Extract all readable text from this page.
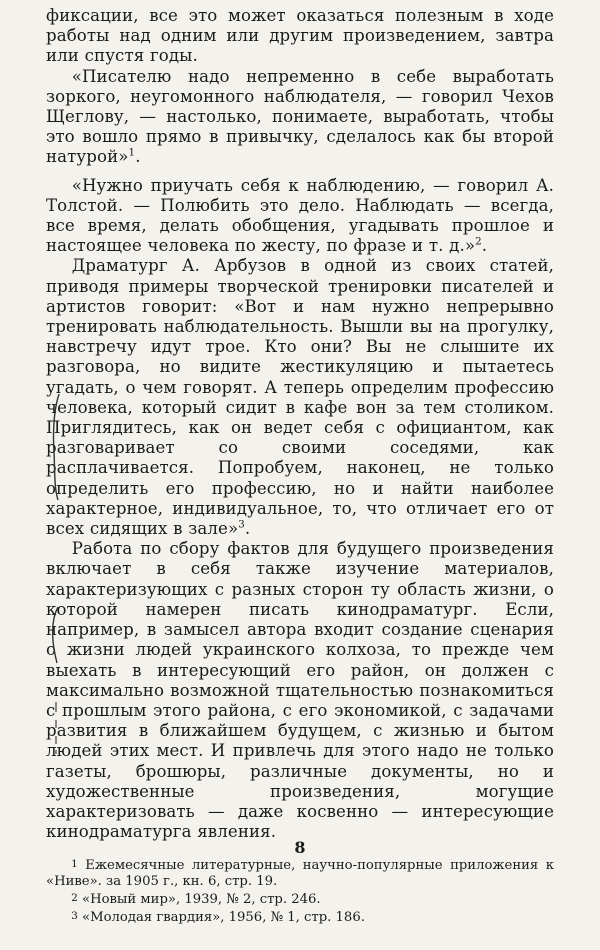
фиксации, все это может оказаться полезным в ходе работы над одним или другим произведением, завтра или спустя годы.

«Писателю надо непременно в себе выработать зоркого, неугомонного наблюдателя, — говорил Чехов Щеглову, — настолько, понимаете, выработать, чтобы это вошло прямо в привычку, сделалось как бы второй натурой»$^1$.

«Нужно приучать себя к наблюдению, — говорил А. Толстой. — Полюбить это дело. Наблюдать — всегда, все время, делать обобщения, угадывать прошлое и настоящее человека по жесту, по фразе и т. д.»$^2$.

Драматург А. Арбузов в одной из своих статей, приводя примеры творческой тренировки писателей и артистов говорит: «Вот и нам нужно непрерывно тренировать наблюдательность. Вышли вы на прогулку, навстречу идут трое. Кто они? Вы не слышите их разговора, но видите жестикуляцию и пытаетесь угадать, о чем говорят. А теперь определим профессию человека, который сидит в кафе вон за тем столиком. Приглядитесь, как он ведет себя с официантом, как разговаривает со своими соседями, как расплачивается. Попробуем, наконец, не только определить его профессию, но и найти наиболее характерное, индивидуальное, то, что отличает его от всех сидящих в зале»$^3$.

Работа по сбору фактов для будущего произведения включает в себя также изучение материалов, характеризующих с разных сторон ту область жизни, о которой намерен писать кинодраматург. Если, например, в замысел автора входит создание сценария о жизни людей украинского колхоза, то прежде чем выехать в интересующий его район, он должен с максимально возможной тщательностью познакомиться с прошлым этого района, с его экономикой, с задачами развития в ближайшем будущем, с жизнью и бытом людей этих мест. И привлечь для этого надо не только газеты, брошюры, различные документы, но и художественные произведения, могущие характеризовать — даже косвенно — интересующие кинодраматурга явления.

1 Ежемесячные литературные, научно-популярные приложения к «Ниве». за 1905 г., кн. 6, стр. 19.

2 «Новый мир», 1939, № 2, стр. 246.

3 «Молодая гвардия», 1956, № 1, стр. 186.

8
